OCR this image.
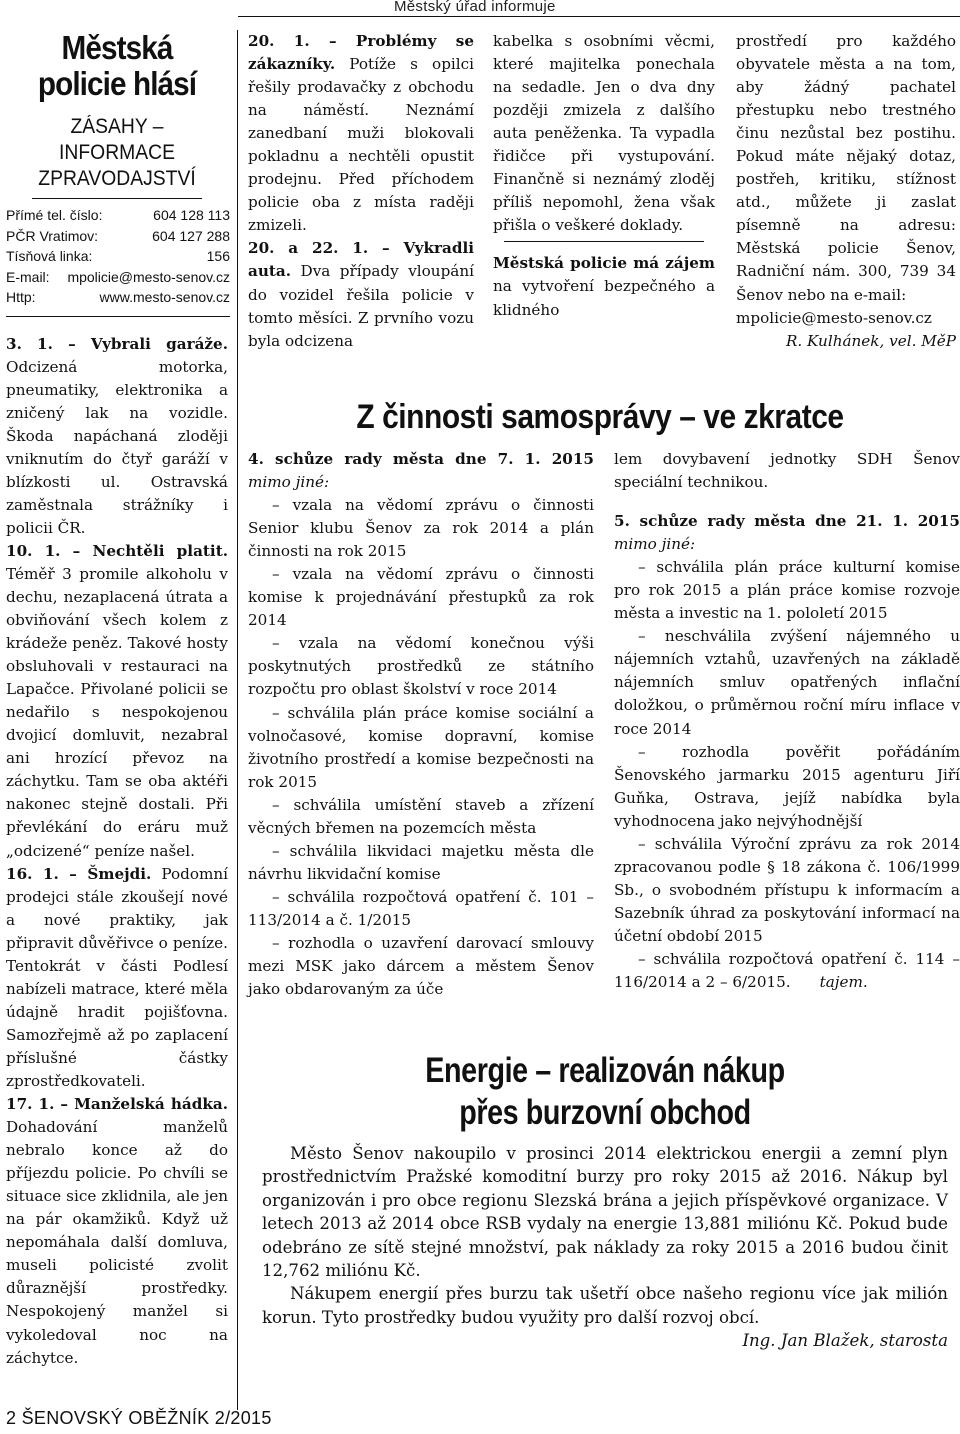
Městský úřad informuje
Městská policie hlásí
ZÁSAHY – INFORMACE ZPRAVODAJSTVÍ
Přímé tel. číslo:	604 128 113
PČR Vratimov:	604 127 288
Tísňová linka:	156
E-mail: mpolicie@mesto-senov.cz
Http:	www.mesto-senov.cz

3. 1. – Vybrali garáže. Odcizená motorka, pneumatiky, elektronika a zničený lak na vozidle. Škoda napáchaná zloději vniknutím do čtyř garáží v blízkosti ul. Ostravská zaměstnala strážníky i policii ČR.

10. 1. – Nechtěli platit. Téměř 3 promile alkoholu v dechu, nezaplacená útrata a obviňování všech kolem z krádeže peněz. Takové hosty obsluhovali v restauraci na Lapačce. Přivolané policii se nedařilo s nespokojenou dvojicí domluvit, nezabral ani hrozící převoz na záchytku. Tam se oba aktéři nakonec stejně dostali. Při převlékání do eráru muž „odcizené“ peníze našel.

16. 1. – Šmejdi. Podomní prodejci stále zkoušejí nové a nové praktiky, jak připravit důvěřivce o peníze. Tentokrát v části Podlesí nabízeli matrace, které měla údajně hradit pojišťovna. Samozřejmě až po zaplacení příslušné částky zprostředkovateli.

17. 1. – Manželská hádka. Dohadování manželů nebralo konce až do příjezdu policie. Po chvíli se situace sice zklidnila, ale jen na pár okamžiků. Když už nepomáhala další domluva, museli policisté zvolit důraznější prostředky. Nespokojený manžel si vykoledoval noc na záchytce.

20. 1. – Problémy se zákazníky. Potíže s opilci řešily prodavačky z obchodu na náměstí. Neznámí zanedbaní muži blokovali pokladnu a nechtěli opustit prodejnu. Před příchodem policie oba z místa raději zmizeli.

20. a 22. 1. – Vykradli auta. Dva případy vloupání do vozidel řešila policie v tomto měsíci. Z prvního vozu byla odcizena

kabelka s osobními věcmi, které majitelka ponechala na sedadle. Jen o dva dny později zmizela z dalšího auta peněženka. Ta vypadla řidičce při vystupování. Finančně si neznámý zloděj příliš nepomohl, žena však přišla o veškeré doklady.

Městská policie má zájem na vytvoření bezpečného a klidného

prostředí pro každého obyvatele města a na tom, aby žádný pachatel přestupku nebo trestného činu nezůstal bez postihu. Pokud máte nějaký dotaz, postřeh, kritiku, stížnost atd., můžete ji zaslat písemně na adresu: Městská policie Šenov, Radniční nám. 300, 739 34 Šenov nebo na e-mail:

mpolicie@mesto-senov.cz

R. Kulhánek, vel. MěP

Z činnosti samosprávy – ve zkratce

4. schůze rady města dne 7. 1. 2015 mimo jiné:

– vzala na vědomí zprávu o činnosti Senior klubu Šenov za rok 2014 a plán činnosti na rok 2015

– vzala na vědomí zprávu o činnosti komise k projednávání přestupků za rok 2014

– vzala na vědomí konečnou výši poskytnutých prostředků ze státního rozpočtu pro oblast školství v roce 2014

– schválila plán práce komise sociální a volnočasové, komise dopravní, komise životního prostředí a komise bezpečnosti na rok 2015

– schválila umístění staveb a zřízení věcných břemen na pozemcích města

– schválila likvidaci majetku města dle návrhu likvidační komise

– schválila rozpočtová opatření č. 101 – 113/2014 a č. 1/2015

– rozhodla o uzavření darovací smlouvy mezi MSK jako dárcem a městem Šenov jako obdarovaným za úče

lem dovybavení jednotky SDH Šenov speciální technikou.

5. schůze rady města dne 21. 1. 2015 mimo jiné:

– schválila plán práce kulturní komise pro rok 2015 a plán práce komise rozvoje města a investic na 1. pololetí 2015

– neschválila zvýšení nájemného u nájemních vztahů, uzavřených na základě nájemních smluv opatřených inflační doložkou, o průměrnou roční míru inflace v roce 2014

– rozhodla pověřit pořádáním Šenovského jarmarku 2015 agenturu Jiří Guňka, Ostrava, jejíž nabídka byla vyhodnocena jako nejvýhodnější

– schválila Výroční zprávu za rok 2014 zpracovanou podle § 18 zákona č. 106/1999 Sb., o svobodném přístupu k informacím a Sazebník úhrad za poskytování informací na účetní období 2015

– schválila rozpočtová opatření č. 114 – 116/2014 a 2 – 6/2015. tajem.

Energie – realizován nákup
přes burzovní obchod

Město Šenov nakoupilo v prosinci 2014 elektrickou energii a zemní plyn prostřednictvím Pražské komoditní burzy pro roky 2015 až 2016. Nákup byl organizován i pro obce regionu Slezská brána a jejich příspěvkové organizace. V letech 2013 až 2014 obce RSB vydaly na energie 13,881 miliónu Kč. Pokud bude odebráno ze sítě stejné množství, pak náklady za roky 2015 a 2016 budou činit 12,762 miliónu Kč.

Nákupem energií přes burzu tak ušetří obce našeho regionu více jak milión korun. Tyto prostředky budou využity pro další rozvoj obcí.

Ing. Jan Blažek, starosta

2 ŠENOVSKÝ OBĚŽNÍK 2/2015
